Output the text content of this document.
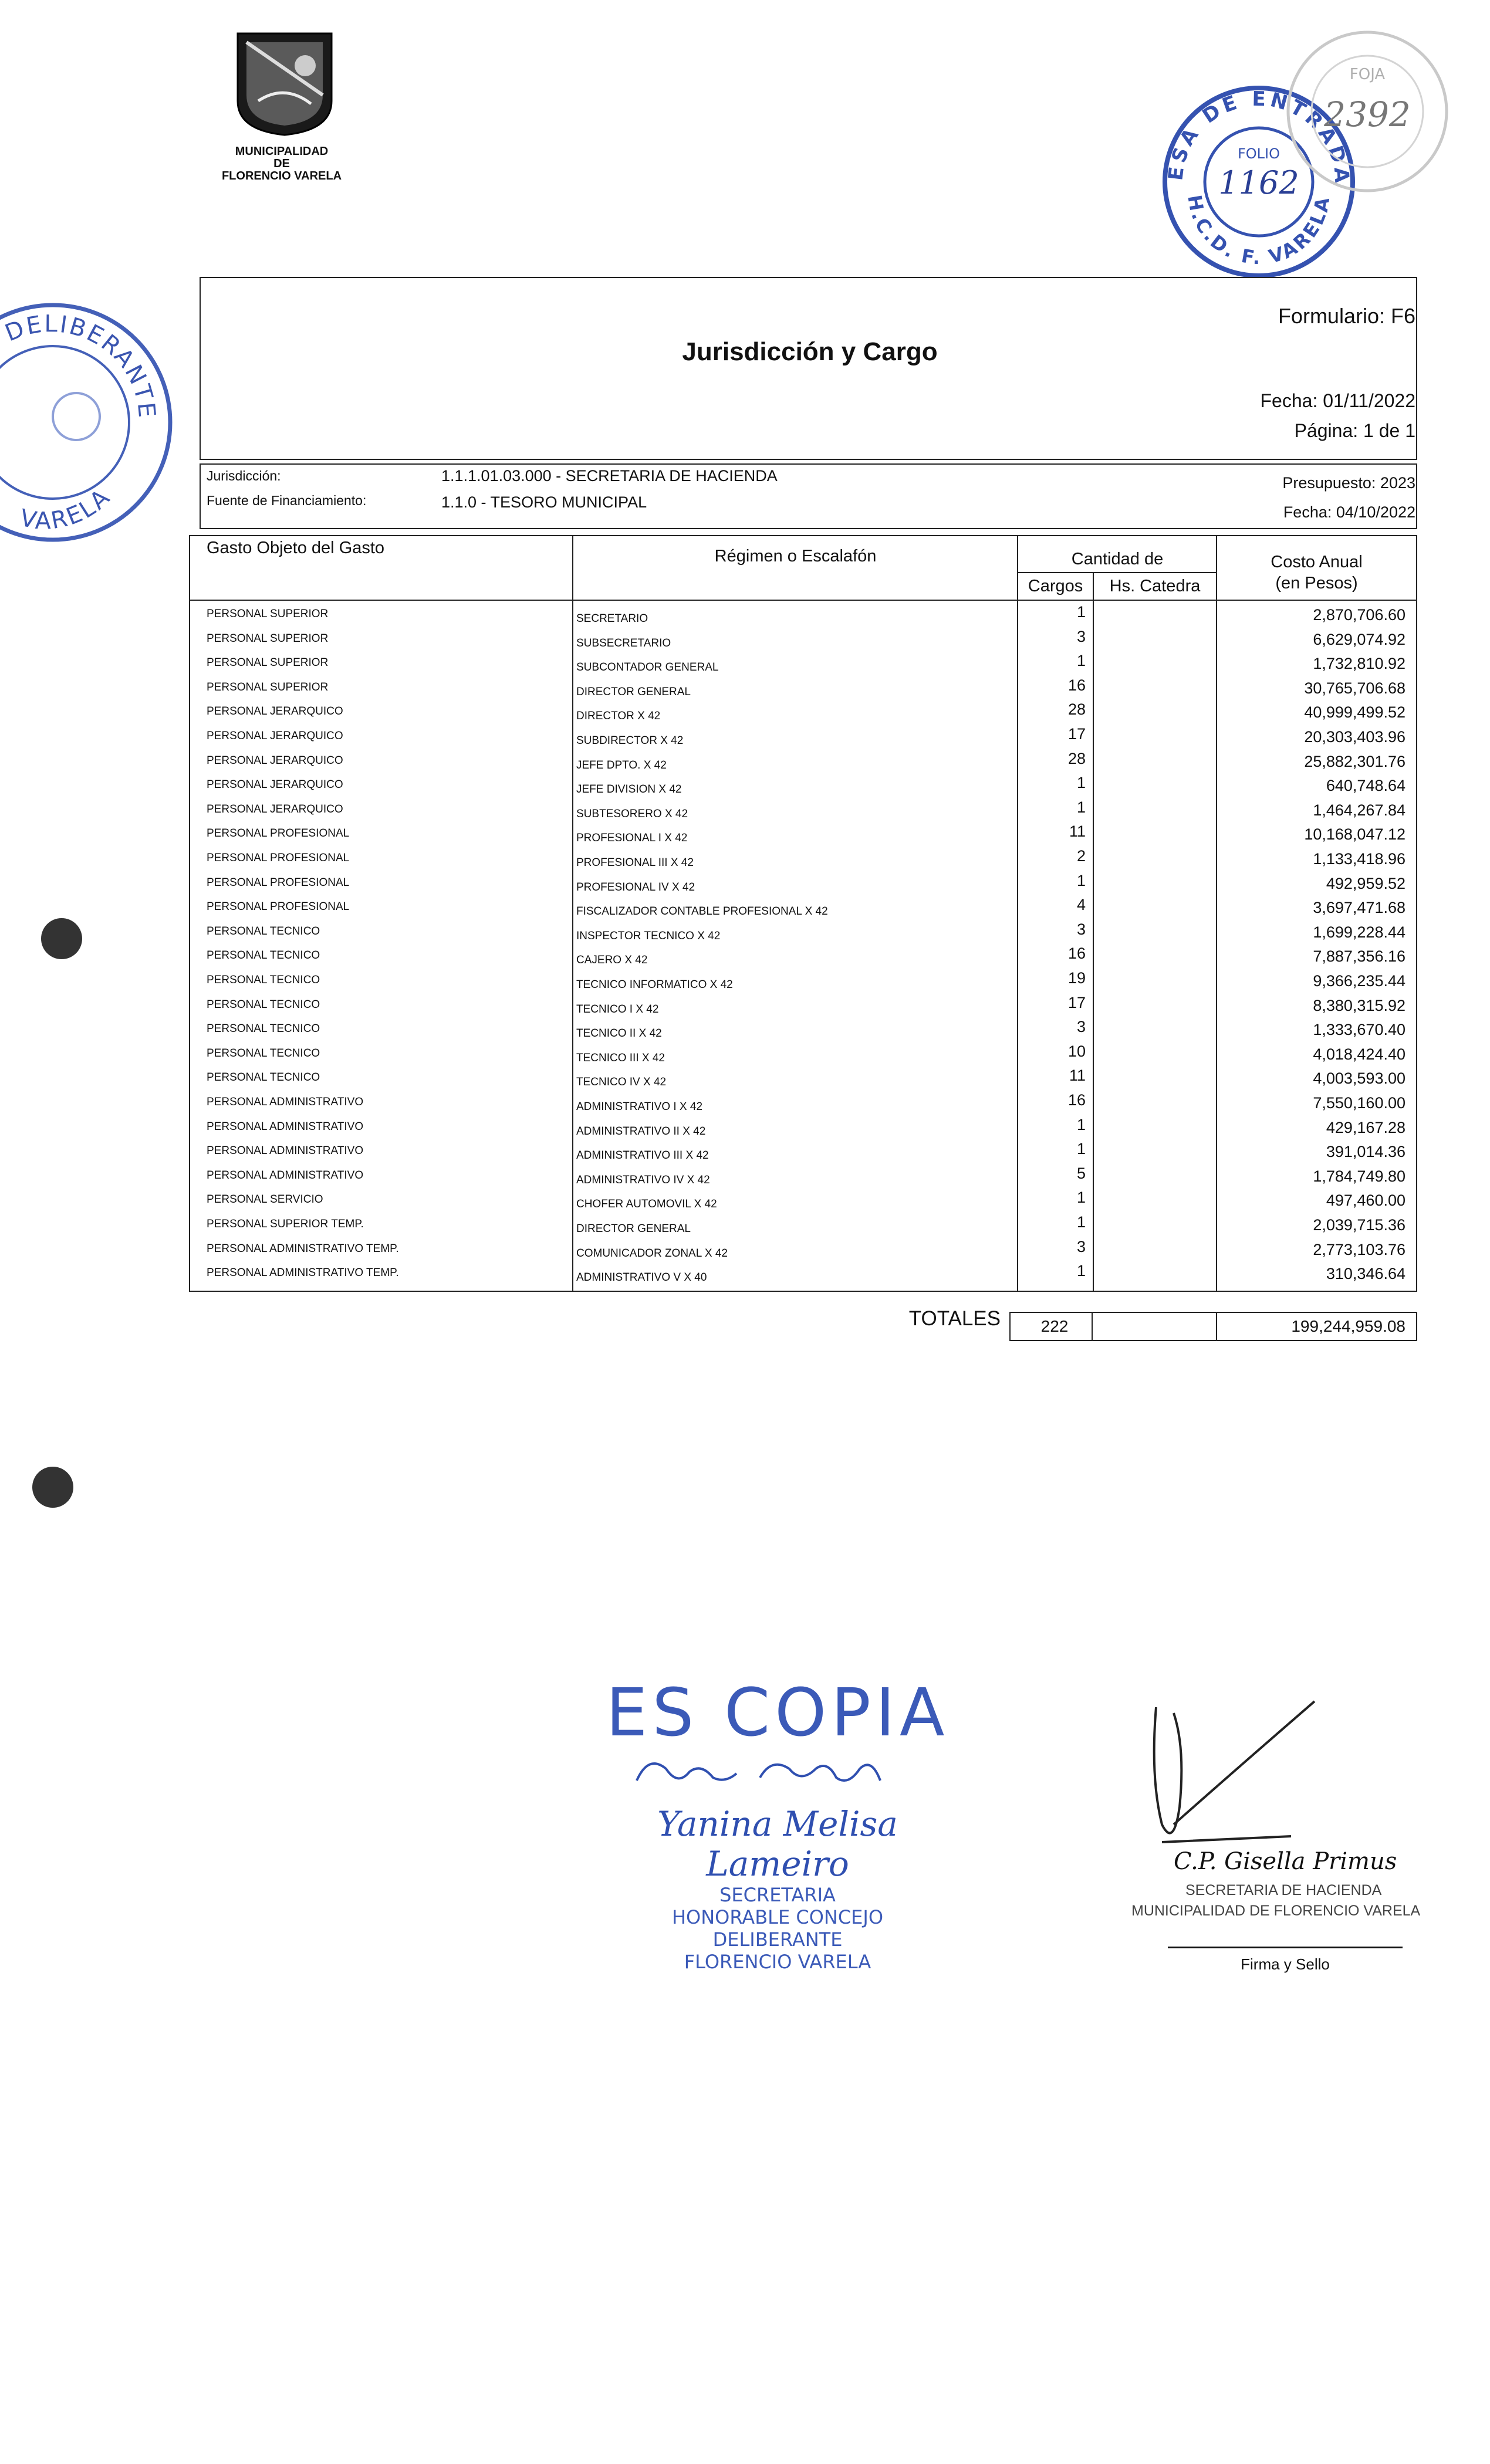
MUNICIPALIDAD
DE
FLORENCIO VARELA	ESA DE ENTRADA
H.C.D. F. VARELA
FOLIO
1162
FOJA
2392
DELIBERANTE
VARELA
Formulario: F6
Jurisdicción y Cargo
Fecha: 01/11/2022
Página: 1 de 1
Jurisdicción:	1.1.1.01.03.000 - SECRETARIA DE HACIENDA
Fuente de Financiamiento:	1.1.0 - TESORO MUNICIPAL
Presupuesto: 2023
Fecha: 04/10/2022
Gasto Objeto del Gasto	Régimen o Escalafón	Cantidad de
Cargos	Hs. Catedra
Costo Anual
(en Pesos)
PERSONAL SUPERIOR	SECRETARIO	1	2,870,706.60
PERSONAL SUPERIOR	SUBSECRETARIO	3	6,629,074.92
PERSONAL SUPERIOR	SUBCONTADOR GENERAL	1	1,732,810.92
PERSONAL SUPERIOR	DIRECTOR GENERAL	16	30,765,706.68
PERSONAL JERARQUICO	DIRECTOR X 42	28	40,999,499.52
PERSONAL JERARQUICO	SUBDIRECTOR X 42	17	20,303,403.96
PERSONAL JERARQUICO	JEFE DPTO. X 42	28	25,882,301.76
PERSONAL JERARQUICO	JEFE DIVISION X 42	1	640,748.64
PERSONAL JERARQUICO	SUBTESORERO X 42	1	1,464,267.84
PERSONAL PROFESIONAL	PROFESIONAL I X 42	11	10,168,047.12
PERSONAL PROFESIONAL	PROFESIONAL III X 42	2	1,133,418.96
PERSONAL PROFESIONAL	PROFESIONAL IV X 42	1	492,959.52
PERSONAL PROFESIONAL	FISCALIZADOR CONTABLE PROFESIONAL X 42	4	3,697,471.68
PERSONAL TECNICO	INSPECTOR TECNICO X 42	3	1,699,228.44
PERSONAL TECNICO	CAJERO X 42	16	7,887,356.16
PERSONAL TECNICO	TECNICO INFORMATICO X 42	19	9,366,235.44
PERSONAL TECNICO	TECNICO I X 42	17	8,380,315.92
PERSONAL TECNICO	TECNICO II X 42	3	1,333,670.40
PERSONAL TECNICO	TECNICO III X 42	10	4,018,424.40
PERSONAL TECNICO	TECNICO IV X 42	11	4,003,593.00
PERSONAL ADMINISTRATIVO	ADMINISTRATIVO I X 42	16	7,550,160.00
PERSONAL ADMINISTRATIVO	ADMINISTRATIVO II X 42	1	429,167.28
PERSONAL ADMINISTRATIVO	ADMINISTRATIVO III X 42	1	391,014.36
PERSONAL ADMINISTRATIVO	ADMINISTRATIVO IV X 42	5	1,784,749.80
PERSONAL SERVICIO	CHOFER AUTOMOVIL X 42	1	497,460.00
PERSONAL SUPERIOR TEMP.	DIRECTOR GENERAL	1	2,039,715.36
PERSONAL ADMINISTRATIVO TEMP.	COMUNICADOR ZONAL X 42	3	2,773,103.76
PERSONAL ADMINISTRATIVO TEMP.	ADMINISTRATIVO V X 40	1	310,346.64
TOTALES	222	199,244,959.08
ES COPIA
Yanina Melisa Lameiro
SECRETARIA
HONORABLE CONCEJO DELIBERANTE
FLORENCIO VARELA
C.P. Gisella Primus
SECRETARIA DE HACIENDA
MUNICIPALIDAD DE FLORENCIO VARELA
Firma y Sello
